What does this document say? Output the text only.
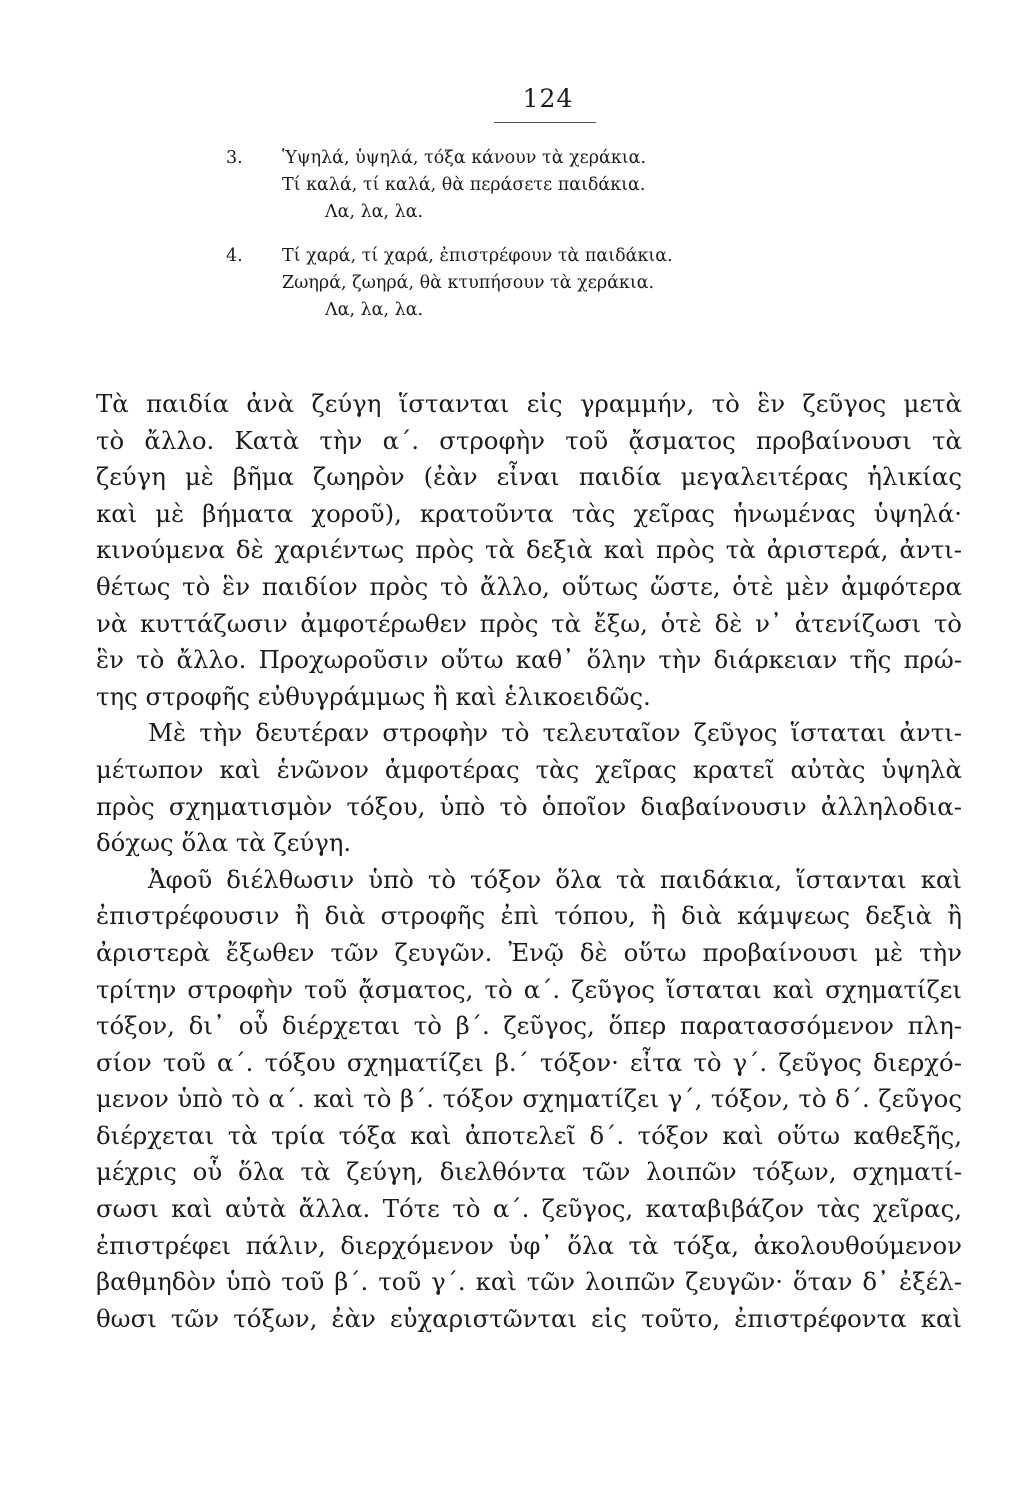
124
3.	Ὑψηλά, ὑψηλά, τόξα κάνουν τὰ χεράκια.
Τί καλά, τί καλά, θὰ περάσετε παιδάκια.
Λα, λα, λα.
4.	Τί χαρά, τί χαρά, ἐπιστρέφουν τὰ παιδάκια.
Ζωηρά, ζωηρά, θὰ κτυπήσουν τὰ χεράκια.
Λα, λα, λα.
Τὰ παιδία ἀνὰ ζεύγη ἵστανται εἰς γραμμήν, τὸ ἓν ζεῦγος μετὰ
τὸ ἄλλο. Κατὰ τὴν α΄. στροφὴν τοῦ ᾄσματος προβαίνουσι τὰ
ζεύγη μὲ βῆμα ζωηρὸν (ἐὰν εἶναι παιδία μεγαλειτέρας ἡλικίας
καὶ μὲ βήματα χοροῦ), κρατοῦντα τὰς χεῖρας ἡνωμένας ὑψηλά·
κινούμενα δὲ χαριέντως πρὸς τὰ δεξιὰ καὶ πρὸς τὰ ἀριστερά, ἀντι-
θέτως τὸ ἓν παιδίον πρὸς τὸ ἄλλο, οὕτως ὥστε, ὁτὲ μὲν ἀμφότερα
νὰ κυττάζωσιν ἀμφοτέρωθεν πρὸς τὰ ἔξω, ὁτὲ δὲ ν᾽ ἀτενίζωσι τὸ
ἓν τὸ ἄλλο. Προχωροῦσιν οὕτω καθ᾽ ὅλην τὴν διάρκειαν τῆς πρώ-
της στροφῆς εὐθυγράμμως ἢ καὶ ἑλικοειδῶς.
Μὲ τὴν δευτέραν στροφὴν τὸ τελευταῖον ζεῦγος ἵσταται ἀντι-
μέτωπον καὶ ἑνῶνον ἀμφοτέρας τὰς χεῖρας κρατεῖ αὐτὰς ὑψηλὰ
πρὸς σχηματισμὸν τόξου, ὑπὸ τὸ ὁποῖον διαβαίνουσιν ἀλληλοδια-
δόχως ὅλα τὰ ζεύγη.
Ἀφοῦ διέλθωσιν ὑπὸ τὸ τόξον ὅλα τὰ παιδάκια, ἵστανται καὶ
ἐπιστρέφουσιν ἢ διὰ στροφῆς ἐπὶ τόπου, ἢ διὰ κάμψεως δεξιὰ ἢ
ἀριστερὰ ἔξωθεν τῶν ζευγῶν. Ἐνῷ δὲ οὕτω προβαίνουσι μὲ τὴν
τρίτην στροφὴν τοῦ ᾄσματος, τὸ α΄. ζεῦγος ἵσταται καὶ σχηματίζει
τόξον, δι᾽ οὗ διέρχεται τὸ β΄. ζεῦγος, ὅπερ παρατασσόμενον πλη-
σίον τοῦ α΄. τόξου σχηματίζει β.΄ τόξον· εἶτα τὸ γ΄. ζεῦγος διερχό-
μενον ὑπὸ τὸ α΄. καὶ τὸ β΄. τόξον σχηματίζει γ΄, τόξον, τὸ δ΄. ζεῦγος
διέρχεται τὰ τρία τόξα καὶ ἀποτελεῖ δ΄. τόξον καὶ οὕτω καθεξῆς,
μέχρις οὗ ὅλα τὰ ζεύγη, διελθόντα τῶν λοιπῶν τόξων, σχηματί-
σωσι καὶ αὐτὰ ἄλλα. Τότε τὸ α΄. ζεῦγος, καταβιβάζον τὰς χεῖρας,
ἐπιστρέφει πάλιν, διερχόμενον ὑφ᾽ ὅλα τὰ τόξα, ἀκολουθούμενον
βαθμηδὸν ὑπὸ τοῦ β΄. τοῦ γ΄. καὶ τῶν λοιπῶν ζευγῶν· ὅταν δ᾽ ἐξέλ-
θωσι τῶν τόξων, ἐὰν εὐχαριστῶνται εἰς τοῦτο, ἐπιστρέφοντα καὶ
